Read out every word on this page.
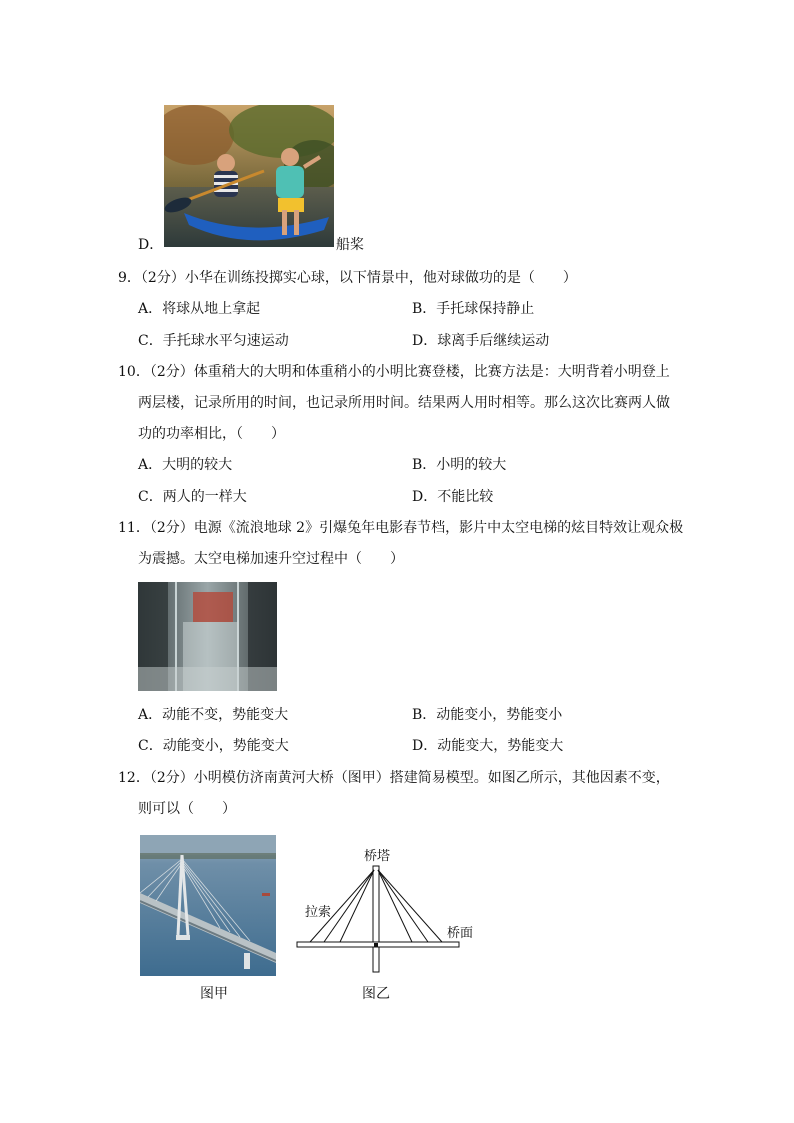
D．	船桨
9．（2分）小华在训练投掷实心球，以下情景中，他对球做功的是（　　）
A．将球从地上拿起	B．手托球保持静止
C．手托球水平匀速运动	D．球离手后继续运动
10．（2分）体重稍大的大明和体重稍小的小明比赛登楼，比赛方法是：大明背着小明登上
两层楼，记录所用的时间，也记录所用时间。结果两人用时相等。那么这次比赛两人做
功的功率相比，（　　）
A．大明的较大	B．小明的较大
C．两人的一样大	D．不能比较
11．（2分）电源《流浪地球 2》引爆兔年电影春节档，影片中太空电梯的炫目特效让观众极
为震撼。太空电梯加速升空过程中（　　）
A．动能不变，势能变大	B．动能变小，势能变小
C．动能变小，势能变大	D．动能变大，势能变大
12．（2分）小明模仿济南黄河大桥（图甲）搭建简易模型。如图乙所示，其他因素不变，
则可以（　　）
图甲
桥塔
拉索
桥面
图乙
